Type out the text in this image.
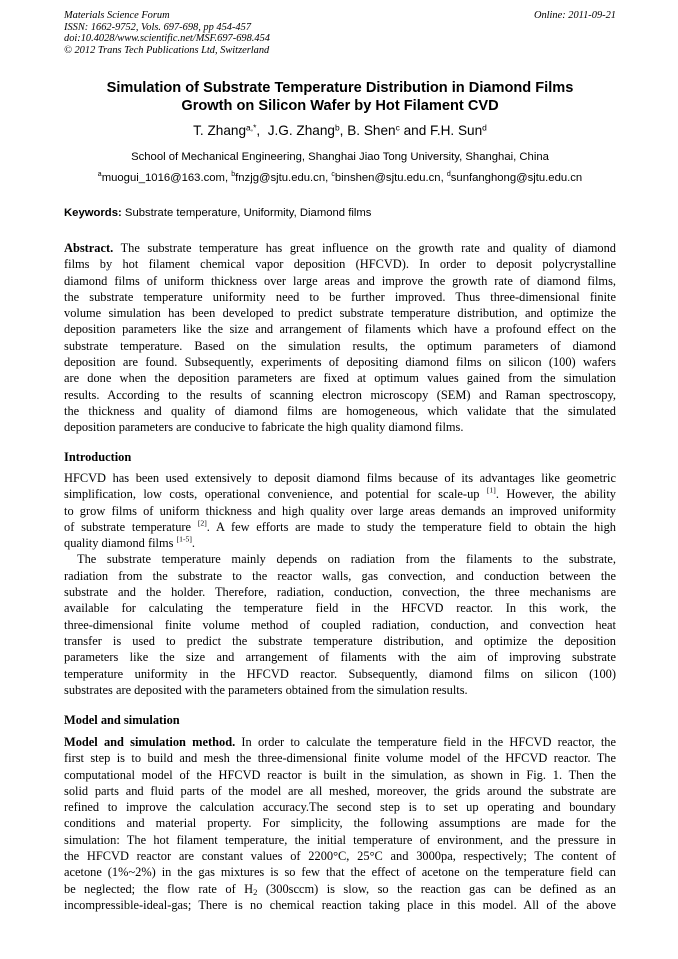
Materials Science Forum
ISSN: 1662-9752, Vols. 697-698, pp 454-457
doi:10.4028/www.scientific.net/MSF.697-698.454
© 2012 Trans Tech Publications Ltd, Switzerland
Online: 2011-09-21
Simulation of Substrate Temperature Distribution in Diamond Films
Growth on Silicon Wafer by Hot Filament CVD
T. Zhang$^{a,*}$,  J.G. Zhang$^b$, B. Shen$^c$ and F.H. Sun$^d$
School of Mechanical Engineering, Shanghai Jiao Tong University, Shanghai, China
$^a$muogui_1016@163.com, $^b$fnzjg@sjtu.edu.cn, $^c$binshen@sjtu.edu.cn, $^d$sunfanghong@sjtu.edu.cn
Keywords: Substrate temperature, Uniformity, Diamond films
Abstract. The substrate temperature has great influence on the growth rate and quality of diamond
films by hot filament chemical vapor deposition (HFCVD). In order to deposit polycrystalline
diamond films of uniform thickness over large areas and improve the growth rate of diamond films,
the substrate temperature uniformity need to be further improved. Thus three-dimensional finite
volume simulation has been developed to predict substrate temperature distribution, and optimize the
deposition parameters like the size and arrangement of filaments which have a profound effect on the
substrate temperature. Based on the simulation results, the optimum parameters of diamond
deposition are found. Subsequently, experiments of depositing diamond films on silicon (100) wafers
are done when the deposition parameters are fixed at optimum values gained from the simulation
results. According to the results of scanning electron microscopy (SEM) and Raman spectroscopy,
the thickness and quality of diamond films are homogeneous, which validate that the simulated
deposition parameters are conducive to fabricate the high quality diamond films.
Introduction
HFCVD has been used extensively to deposit diamond films because of its advantages like geometric
simplification, low costs, operational convenience, and potential for scale-up [1]. However, the ability
to grow films of uniform thickness and high quality over large areas demands an improved uniformity
of substrate temperature [2]. A few efforts are made to study the temperature field to obtain the high
quality diamond films [1-5].
The substrate temperature mainly depends on radiation from the filaments to the substrate,
radiation from the substrate to the reactor walls, gas convection, and conduction between the
substrate and the holder. Therefore, radiation, conduction, convection, the three mechanisms are
available for calculating the temperature field in the HFCVD reactor. In this work, the
three-dimensional finite volume method of coupled radiation, conduction, and convection heat
transfer is used to predict the substrate temperature distribution, and optimize the deposition
parameters like the size and arrangement of filaments with the aim of improving substrate
temperature uniformity in the HFCVD reactor. Subsequently, diamond films on silicon (100)
substrates are deposited with the parameters obtained from the simulation results.
Model and simulation
Model and simulation method. In order to calculate the temperature field in the HFCVD reactor, the
first step is to build and mesh the three-dimensional finite volume model of the HFCVD reactor. The
computational model of the HFCVD reactor is built in the simulation, as shown in Fig. 1. Then the
solid parts and fluid parts of the model are all meshed, moreover, the grids around the substrate are
refined to improve the calculation accuracy.The second step is to set up operating and boundary
conditions and material property. For simplicity, the following assumptions are made for the
simulation: The hot filament temperature, the initial temperature of environment, and the pressure in
the HFCVD reactor are constant values of 2200°C, 25°C and 3000pa, respectively; The content of
acetone (1%~2%) in the gas mixtures is so few that the effect of acetone on the temperature field can
be neglected; the flow rate of $H_2$ (300sccm) is slow, so the reaction gas can be defined as an
incompressible-ideal-gas; There is no chemical reaction taking place in this model. All of the above
